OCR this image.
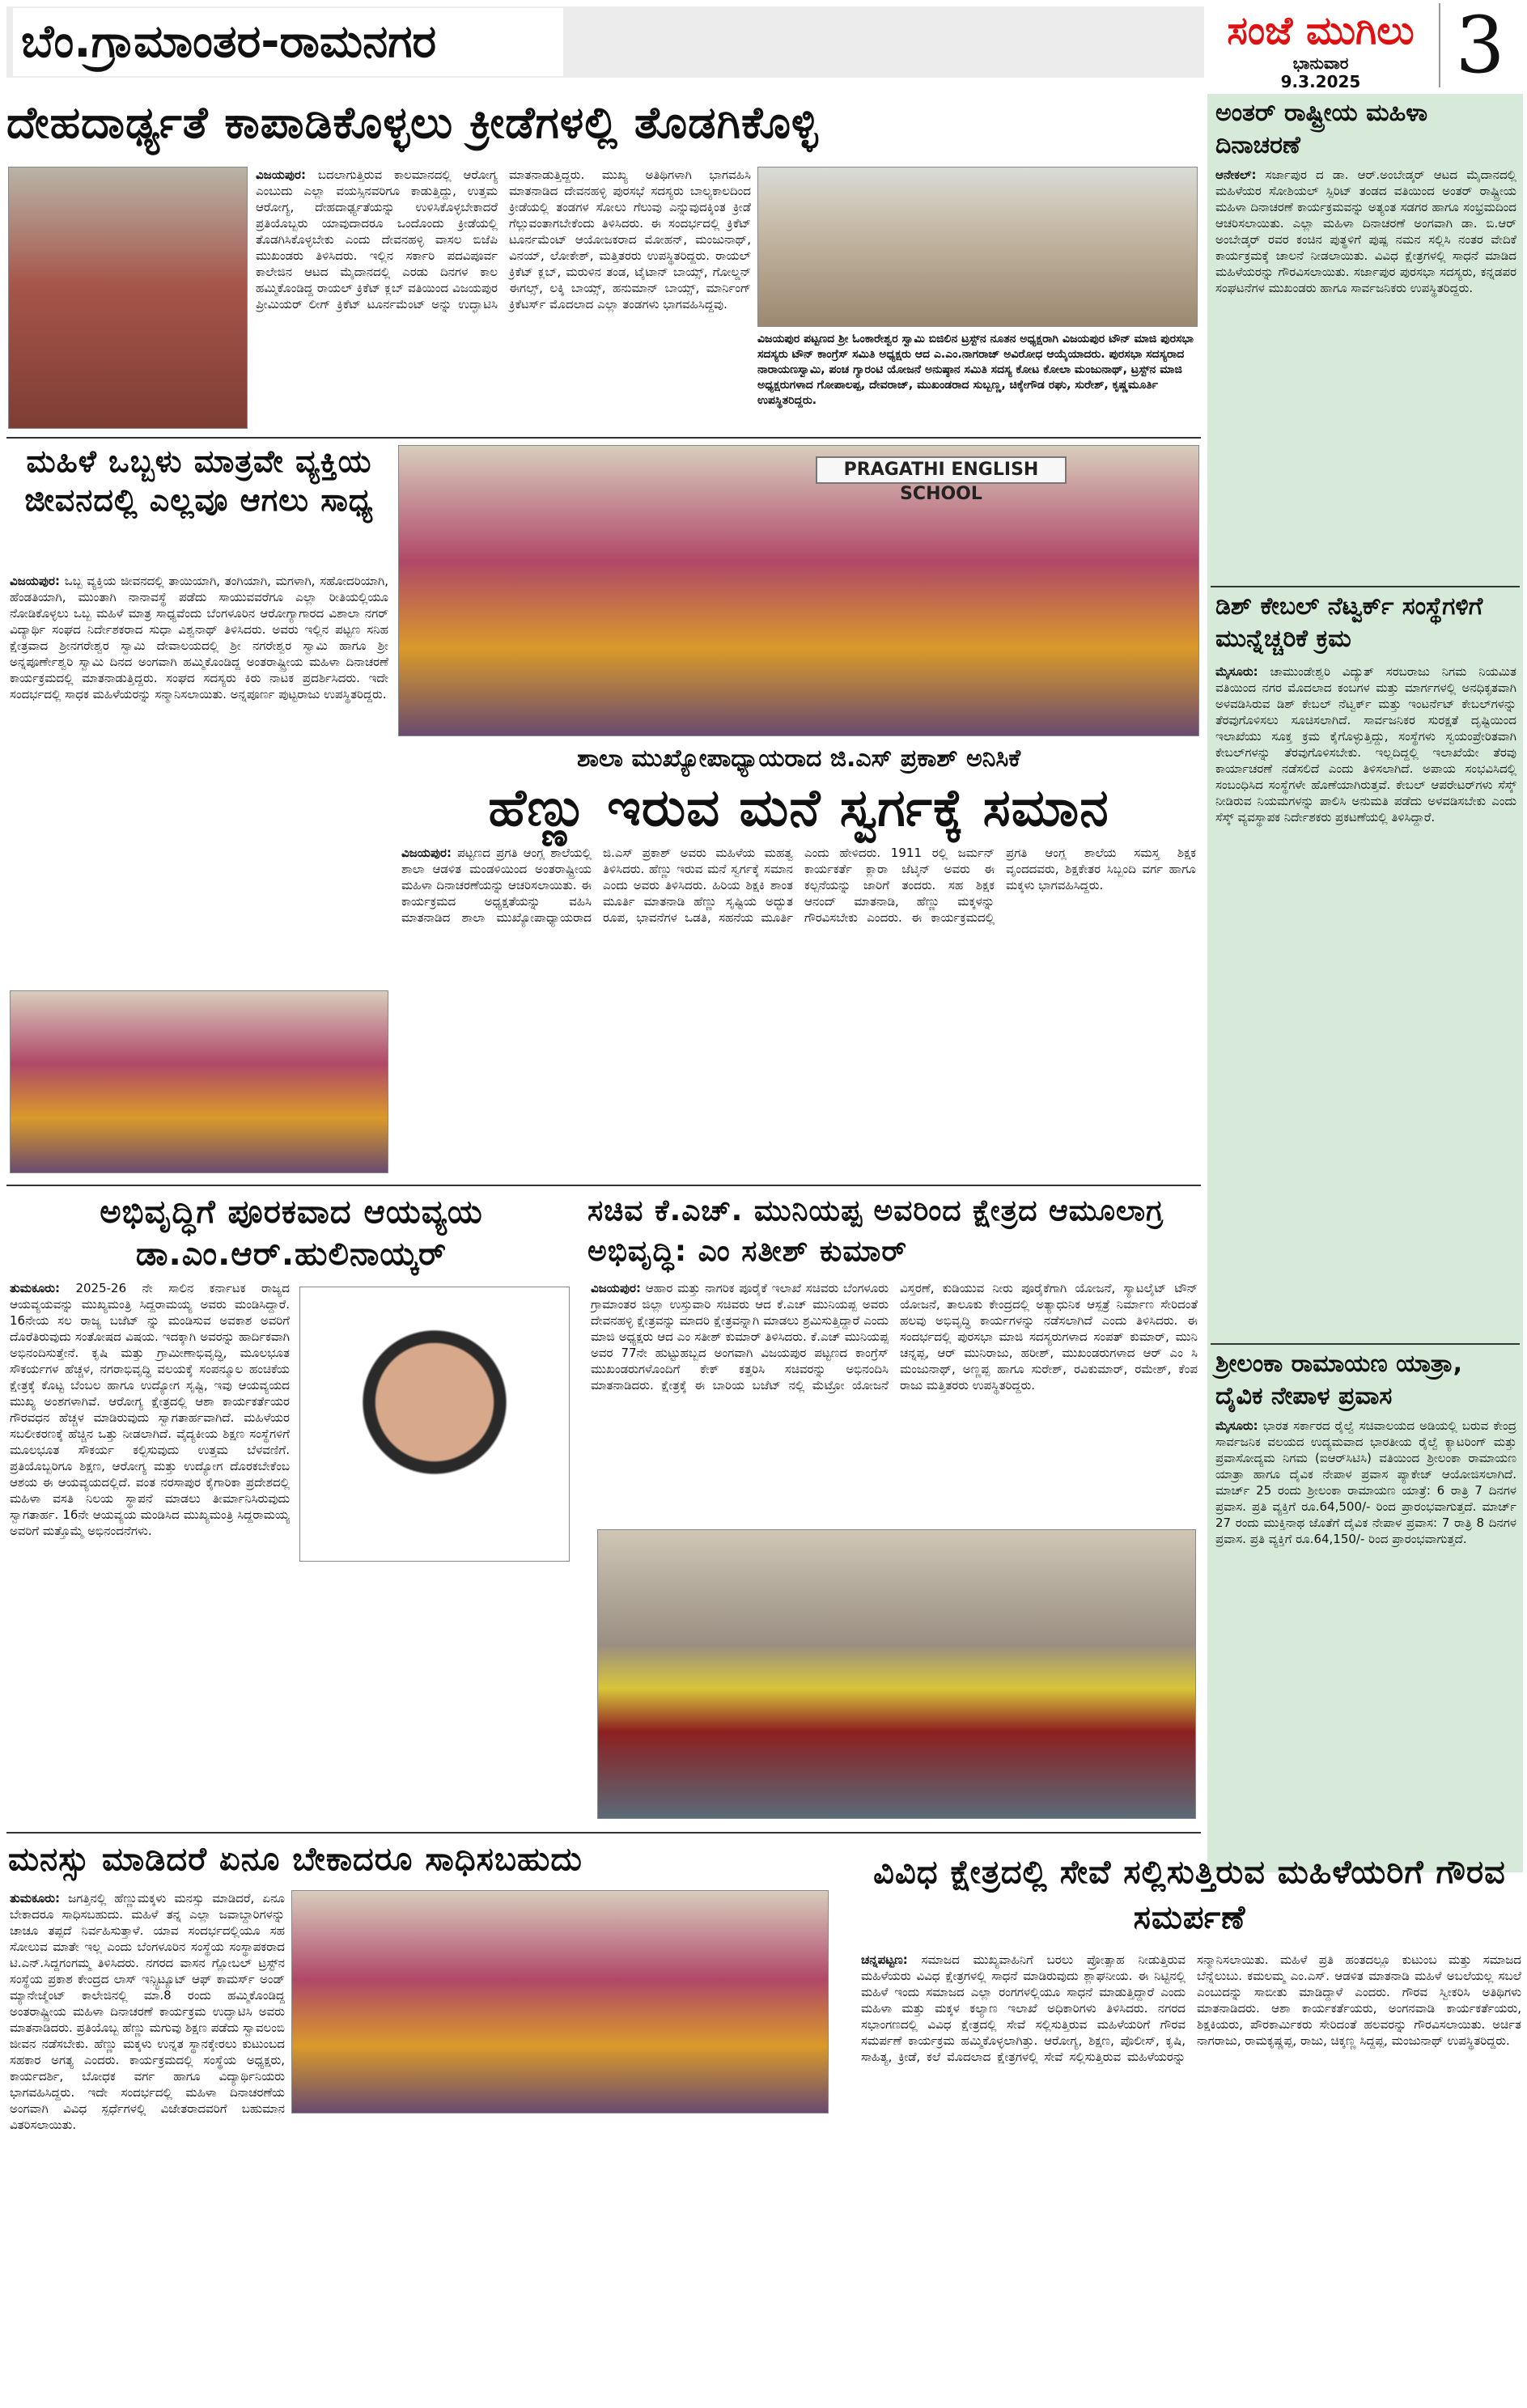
ಬೆಂ.ಗ್ರಾಮಾಂತರ-ರಾಮನಗರ	ಸಂಜೆ ಮುಗಿಲು
ಭಾನುವಾರ
9.3.2025	3
ಅಂತರ್ ರಾಷ್ಟ್ರೀಯ ಮಹಿಳಾ ದಿನಾಚರಣೆ
ಆನೇಕಲ್: ಸರ್ಜಾಪುರ ದ ಡಾ. ಆರ್.ಅಂಬೇಡ್ಕರ್ ಆಟದ ಮೈದಾನದಲ್ಲಿ ಮಹಿಳೆಯರ ಸೋಶಿಯಲ್ ಸ್ಪಿರಿಟ್ ತಂಡದ ವತಿಯಿಂದ ಅಂತರ್ ರಾಷ್ಟ್ರೀಯ ಮಹಿಳಾ ದಿನಾಚರಣೆ ಕಾರ್ಯಕ್ರಮವನ್ನು ಅತ್ಯಂತ ಸಡಗರ ಹಾಗೂ ಸಂಭ್ರಮದಿಂದ ಆಚರಿಸಲಾಯಿತು. ಎಲ್ಲಾ ಮಹಿಳಾ ದಿನಾಚರಣೆ ಅಂಗವಾಗಿ ಡಾ. ಬಿ.ಆರ್ ಅಂಬೇಡ್ಕರ್ ರವರ ಕಂಚಿನ ಪುತ್ಥಳಿಗೆ ಪುಷ್ಪ ನಮನ ಸಲ್ಲಿಸಿ ನಂತರ ವೇದಿಕೆ ಕಾರ್ಯಕ್ರಮಕ್ಕೆ ಚಾಲನೆ ನೀಡಲಾಯಿತು. ವಿವಿಧ ಕ್ಷೇತ್ರಗಳಲ್ಲಿ ಸಾಧನೆ ಮಾಡಿದ ಮಹಿಳೆಯರನ್ನು ಗೌರವಿಸಲಾಯಿತು. ಸರ್ಜಾಪುರ ಪುರಸಭಾ ಸದಸ್ಯರು, ಕನ್ನಡಪರ ಸಂಘಟನೆಗಳ ಮುಖಂಡರು ಹಾಗೂ ಸಾರ್ವಜನಿಕರು ಉಪಸ್ಥಿತರಿದ್ದರು.
ಡಿಶ್ ಕೇಬಲ್ ನೆಟ್ವರ್ಕ್ ಸಂಸ್ಥೆಗಳಿಗೆ ಮುನ್ನೆಚ್ಚರಿಕೆ ಕ್ರಮ
ಮೈಸೂರು: ಚಾಮುಂಡೇಶ್ವರಿ ವಿದ್ಯುತ್ ಸರಬರಾಜು ನಿಗಮ ನಿಯಮಿತ ವತಿಯಿಂದ ನಗರ ಮೊದಲಾದ ಕಂಬಗಳ ಮತ್ತು ಮಾರ್ಗಗಳಲ್ಲಿ ಅನಧಿಕೃತವಾಗಿ ಅಳವಡಿಸಿರುವ ಡಿಶ್ ಕೇಬಲ್ ನೆಟ್ವರ್ಕ್ ಮತ್ತು ಇಂಟರ್ನೆಟ್ ಕೇಬಲ್‌ಗಳನ್ನು ತೆರವುಗೊಳಿಸಲು ಸೂಚಿಸಲಾಗಿದೆ. ಸಾರ್ವಜನಿಕರ ಸುರಕ್ಷತೆ ದೃಷ್ಟಿಯಿಂದ ಇಲಾಖೆಯು ಸೂಕ್ತ ಕ್ರಮ ಕೈಗೊಳ್ಳುತ್ತಿದ್ದು, ಸಂಸ್ಥೆಗಳು ಸ್ವಯಂಪ್ರೇರಿತವಾಗಿ ಕೇಬಲ್‌ಗಳನ್ನು ತೆರವುಗೊಳಿಸಬೇಕು. ಇಲ್ಲದಿದ್ದಲ್ಲಿ ಇಲಾಖೆಯೇ ತೆರವು ಕಾರ್ಯಾಚರಣೆ ನಡೆಸಲಿದೆ ಎಂದು ತಿಳಿಸಲಾಗಿದೆ. ಅಪಾಯ ಸಂಭವಿಸಿದಲ್ಲಿ ಸಂಬಂಧಿಸಿದ ಸಂಸ್ಥೆಗಳೇ ಹೊಣೆಯಾಗಿರುತ್ತವೆ. ಕೇಬಲ್ ಆಪರೇಟರ್‌ಗಳು ಸೆಸ್ಕ್ ನೀಡಿರುವ ನಿಯಮಗಳನ್ನು ಪಾಲಿಸಿ ಅನುಮತಿ ಪಡೆದು ಅಳವಡಿಸಬೇಕು ಎಂದು ಸೆಸ್ಕ್ ವ್ಯವಸ್ಥಾಪಕ ನಿರ್ದೇಶಕರು ಪ್ರಕಟಣೆಯಲ್ಲಿ ತಿಳಿಸಿದ್ದಾರೆ.
ಶ್ರೀಲಂಕಾ ರಾಮಾಯಣ ಯಾತ್ರಾ, ದೈವಿಕ ನೇಪಾಳ ಪ್ರವಾಸ
ಮೈಸೂರು: ಭಾರತ ಸರ್ಕಾರದ ರೈಲ್ವೆ ಸಚಿವಾಲಯದ ಅಡಿಯಲ್ಲಿ ಬರುವ ಕೇಂದ್ರ ಸಾರ್ವಜನಿಕ ವಲಯದ ಉದ್ಯಮವಾದ ಭಾರತೀಯ ರೈಲ್ವೆ ಕ್ಯಾಟರಿಂಗ್ ಮತ್ತು ಪ್ರವಾಸೋದ್ಯಮ ನಿಗಮ (ಐಆರ್‌ಸಿಟಿಸಿ) ವತಿಯಿಂದ ಶ್ರೀಲಂಕಾ ರಾಮಾಯಣ ಯಾತ್ರಾ ಹಾಗೂ ದೈವಿಕ ನೇಪಾಳ ಪ್ರವಾಸ ಪ್ಯಾಕೇಜ್ ಆಯೋಜಿಸಲಾಗಿದೆ. ಮಾರ್ಚ್ 25 ರಂದು ಶ್ರೀಲಂಕಾ ರಾಮಾಯಣ ಯಾತ್ರೆ: 6 ರಾತ್ರಿ 7 ದಿನಗಳ ಪ್ರವಾಸ. ಪ್ರತಿ ವ್ಯಕ್ತಿಗೆ ರೂ.64,500/- ರಿಂದ ಪ್ರಾರಂಭವಾಗುತ್ತದೆ. ಮಾರ್ಚ್ 27 ರಂದು ಮುಕ್ತಿನಾಥ ಜೊತೆಗೆ ದೈವಿಕ ನೇಪಾಳ ಪ್ರವಾಸ: 7 ರಾತ್ರಿ 8 ದಿನಗಳ ಪ್ರವಾಸ. ಪ್ರತಿ ವ್ಯಕ್ತಿಗೆ ರೂ.64,150/- ರಿಂದ ಪ್ರಾರಂಭವಾಗುತ್ತದೆ.
ದೇಹದಾರ್ಢ್ಯತೆ ಕಾಪಾಡಿಕೊಳ್ಳಲು ಕ್ರೀಡೆಗಳಲ್ಲಿ ತೊಡಗಿಕೊಳ್ಳಿ
ವಿಜಯಪುರ: ಬದಲಾಗುತ್ತಿರುವ ಕಾಲಮಾನದಲ್ಲಿ ಆರೋಗ್ಯ ಎಂಬುದು ಎಲ್ಲಾ ವಯಸ್ಸಿನವರಿಗೂ ಕಾಡುತ್ತಿದ್ದು, ಉತ್ತಮ ಆರೋಗ್ಯ, ದೇಹದಾರ್ಢ್ಯತೆಯನ್ನು ಉಳಿಸಿಕೊಳ್ಳಬೇಕಾದರೆ ಪ್ರತಿಯೊಬ್ಬರು ಯಾವುದಾದರೂ ಒಂದೊಂದು ಕ್ರೀಡೆಯಲ್ಲಿ ತೊಡಗಿಸಿಕೊಳ್ಳಬೇಕು ಎಂದು ದೇವನಹಳ್ಳಿ ವಾಸಲ ಬಿಜೆಪಿ ಮುಖಂಡರು ತಿಳಿಸಿದರು. ಇಲ್ಲಿನ ಸರ್ಕಾರಿ ಪದವಿಪೂರ್ವ ಕಾಲೇಜಿನ ಆಟದ ಮೈದಾನದಲ್ಲಿ ಎರಡು ದಿನಗಳ ಕಾಲ ಹಮ್ಮಿಕೊಂಡಿದ್ದ ರಾಯಲ್ ಕ್ರಿಕೆಟ್ ಕ್ಲಬ್ ವತಿಯಿಂದ ವಿಜಯಪುರ ಪ್ರೀಮಿಯರ್ ಲೀಗ್ ಕ್ರಿಕೆಟ್ ಟೂರ್ನಮೆಂಟ್ ಅನ್ನು ಉದ್ಘಾಟಿಸಿ ಮಾತನಾಡುತ್ತಿದ್ದರು. ಮುಖ್ಯ ಅತಿಥಿಗಳಾಗಿ ಭಾಗವಹಿಸಿ ಮಾತನಾಡಿದ ದೇವನಹಳ್ಳಿ ಪುರಸಭೆ ಸದಸ್ಯರು ಬಾಲ್ಯಕಾಲದಿಂದ ಕ್ರೀಡೆಯಲ್ಲಿ ತಂಡಗಳ ಸೋಲು ಗೆಲುವು ಎನ್ನುವುದಕ್ಕಿಂತ ಕ್ರೀಡೆ ಗೆಲ್ಲುವಂತಾಗಬೇಕೆಂದು ತಿಳಿಸಿದರು. ಈ ಸಂದರ್ಭದಲ್ಲಿ ಕ್ರಿಕೆಟ್ ಟೂರ್ನಮೆಂಟ್ ಆಯೋಜಕರಾದ ಮೋಹನ್, ಮಂಜುನಾಥ್, ವಿನಯ್, ಲೋಕೇಶ್, ಮತ್ತಿತರರು ಉಪಸ್ಥಿತರಿದ್ದರು. ರಾಯಲ್ ಕ್ರಿಕೆಟ್ ಕ್ಲಬ್, ಮರುಳಿನ ತಂಡ, ಟೈಟಾನ್ ಬಾಯ್ಸ್, ಗೋಲ್ಡನ್ ಈಗಲ್ಸ್, ಲಕ್ಕಿ ಬಾಯ್ಸ್, ಹನುಮಾನ್ ಬಾಯ್ಸ್, ಮಾರ್ನಿಂಗ್ ಕ್ರಿಕೆಟರ್ಸ್ ಮೊದಲಾದ ಎಲ್ಲಾ ತಂಡಗಳು ಭಾಗವಹಿಸಿದ್ದವು.
ವಿಜಯಪುರ ಪಟ್ಟಣದ ಶ್ರೀ ಓಂಕಾರೇಶ್ವರ ಸ್ವಾಮಿ ಬಿಜಿಲಿನ ಟ್ರಸ್ಟ್‌ನ ನೂತನ ಅಧ್ಯಕ್ಷರಾಗಿ ವಿಜಯಪುರ ಟೌನ್ ಮಾಜಿ ಪುರಸಭಾ ಸದಸ್ಯರು ಟೌನ್ ಕಾಂಗ್ರೆಸ್ ಸಮಿತಿ ಅಧ್ಯಕ್ಷರು ಆದ ಎ.ಎಂ.ನಾಗರಾಜ್ ಅವಿರೋಧ ಆಯ್ಕೆಯಾದರು. ಪುರಸಭಾ ಸದಸ್ಯರಾದ ನಾರಾಯಣಸ್ವಾಮಿ, ಪಂಚ ಗ್ಯಾರಂಟಿ ಯೋಜನೆ ಅನುಷ್ಠಾನ ಸಮಿತಿ ಸದಸ್ಯ ಕೋಟ ಕೋಲಾ ಮಂಜುನಾಥ್, ಟ್ರಸ್ಟ್‌ನ ಮಾಜಿ ಅಧ್ಯಕ್ಷರುಗಳಾದ ಗೋಪಾಲಪ್ಪ, ದೇವರಾಜ್, ಮುಖಂಡರಾದ ಸುಬ್ಬಣ್ಣ, ಚಿಕ್ಕೇಗೌಡ ರಘು, ಸುರೇಶ್, ಕೃಷ್ಣಮೂರ್ತಿ ಉಪಸ್ಥಿತರಿದ್ದರು.
ಮಹಿಳೆ ಒಬ್ಬಳು ಮಾತ್ರವೇ ವ್ಯಕ್ತಿಯ ಜೀವನದಲ್ಲಿ ಎಲ್ಲವೂ ಆಗಲು ಸಾಧ್ಯ
ವಿಜಯಪುರ: ಒಬ್ಬ ವ್ಯಕ್ತಿಯ ಜೀವನದಲ್ಲಿ ತಾಯಿಯಾಗಿ, ತಂಗಿಯಾಗಿ, ಮಗಳಾಗಿ, ಸಹೋದರಿಯಾಗಿ, ಹೆಂಡತಿಯಾಗಿ, ಮುಂತಾಗಿ ನಾನಾವಸ್ಥೆ ಪಡೆದು ಸಾಯುವವರೆಗೂ ಎಲ್ಲಾ ರೀತಿಯಲ್ಲಿಯೂ ನೋಡಿಕೊಳ್ಳಲು ಒಬ್ಬ ಮಹಿಳೆ ಮಾತ್ರ ಸಾಧ್ಯವೆಂದು ಬೆಂಗಳೂರಿನ ಆರೋಗ್ಯಾಗಾರದ ವಿಶಾಲಾ ನಗರ್ ವಿದ್ಯಾರ್ಥಿ ಸಂಘದ ನಿರ್ದೇಶಕರಾದ ಸುಧಾ ವಿಶ್ವನಾಥ್ ತಿಳಿಸಿದರು. ಅವರು ಇಲ್ಲಿನ ಪಟ್ಟಣ ಸನಿಹ ಕ್ಷೇತ್ರವಾದ ಶ್ರೀನಗರೇಶ್ವರ ಸ್ವಾಮಿ ದೇವಾಲಯದಲ್ಲಿ ಶ್ರೀ ನಗರೇಶ್ವರ ಸ್ವಾಮಿ ಹಾಗೂ ಶ್ರೀ ಅನ್ನಪೂರ್ಣೇಶ್ವರಿ ಸ್ವಾಮಿ ದಿನದ ಅಂಗವಾಗಿ ಹಮ್ಮಿಕೊಂಡಿದ್ದ ಅಂತರಾಷ್ಟ್ರೀಯ ಮಹಿಳಾ ದಿನಾಚರಣೆ ಕಾರ್ಯಕ್ರಮದಲ್ಲಿ ಮಾತನಾಡುತ್ತಿದ್ದರು. ಸಂಘದ ಸದಸ್ಯರು ಕಿರು ನಾಟಕ ಪ್ರದರ್ಶಿಸಿದರು. ಇದೇ ಸಂದರ್ಭದಲ್ಲಿ ಸಾಧಕ ಮಹಿಳೆಯರನ್ನು ಸನ್ಮಾನಿಸಲಾಯಿತು. ಅನ್ನಪೂರ್ಣ ಪುಟ್ಟರಾಜು ಉಪಸ್ಥಿತರಿದ್ದರು.
PRAGATHI ENGLISH SCHOOL
ಶಾಲಾ ಮುಖ್ಯೋಪಾಧ್ಯಾಯರಾದ ಜಿ.ಎಸ್ ಪ್ರಕಾಶ್ ಅನಿಸಿಕೆ
ಹೆಣ್ಣು ಇರುವ ಮನೆ ಸ್ವರ್ಗಕ್ಕೆ ಸಮಾನ
ವಿಜಯಪುರ: ಪಟ್ಟಣದ ಪ್ರಗತಿ ಆಂಗ್ಲ ಶಾಲೆಯಲ್ಲಿ ಶಾಲಾ ಆಡಳಿತ ಮಂಡಳಿಯಿಂದ ಅಂತರಾಷ್ಟ್ರೀಯ ಮಹಿಳಾ ದಿನಾಚರಣೆಯನ್ನು ಆಚರಿಸಲಾಯಿತು. ಈ ಕಾರ್ಯಕ್ರಮದ ಅಧ್ಯಕ್ಷತೆಯನ್ನು ವಹಿಸಿ ಮಾತನಾಡಿದ ಶಾಲಾ ಮುಖ್ಯೋಪಾಧ್ಯಾಯರಾದ ಜಿ.ಎಸ್ ಪ್ರಕಾಶ್ ಅವರು ಮಹಿಳೆಯ ಮಹತ್ವ ತಿಳಿಸಿದರು. ಹೆಣ್ಣು ಇರುವ ಮನೆ ಸ್ವರ್ಗಕ್ಕೆ ಸಮಾನ ಎಂದು ಅವರು ತಿಳಿಸಿದರು. ಹಿರಿಯ ಶಿಕ್ಷಕಿ ಶಾಂತ ಮೂರ್ತಿ ಮಾತನಾಡಿ ಹೆಣ್ಣು ಸೃಷ್ಟಿಯ ಅದ್ಭುತ ರೂಪ, ಭಾವನೆಗಳ ಒಡತಿ, ಸಹನೆಯ ಮೂರ್ತಿ ಎಂದು ಹೇಳಿದರು. 1911 ರಲ್ಲಿ ಜರ್ಮನ್ ಕಾರ್ಯಕರ್ತೆ ಕ್ಲಾರಾ ಜೆಟ್ಕಿನ್ ಅವರು ಈ ಕಲ್ಪನೆಯನ್ನು ಜಾರಿಗೆ ತಂದರು. ಸಹ ಶಿಕ್ಷಕ ಆನಂದ್ ಮಾತನಾಡಿ, ಹೆಣ್ಣು ಮಕ್ಕಳನ್ನು ಗೌರವಿಸಬೇಕು ಎಂದರು. ಈ ಕಾರ್ಯಕ್ರಮದಲ್ಲಿ ಪ್ರಗತಿ ಆಂಗ್ಲ ಶಾಲೆಯ ಸಮಸ್ತ ಶಿಕ್ಷಕ ವೃಂದದವರು, ಶಿಕ್ಷಕೇತರ ಸಿಬ್ಬಂದಿ ವರ್ಗ ಹಾಗೂ ಮಕ್ಕಳು ಭಾಗವಹಿಸಿದ್ದರು.
ಅಭಿವೃದ್ಧಿಗೆ ಪೂರಕವಾದ ಆಯವ್ಯಯ ಡಾ.ಎಂ.ಆರ್.ಹುಲಿನಾಯ್ಕರ್
ತುಮಕೂರು: 2025-26 ನೇ ಸಾಲಿನ ಕರ್ನಾಟಕ ರಾಜ್ಯದ ಆಯವ್ಯಯವನ್ನು ಮುಖ್ಯಮಂತ್ರಿ ಸಿದ್ದರಾಮಯ್ಯ ಅವರು ಮಂಡಿಸಿದ್ದಾರೆ. 16ನೇಯ ಸಲ ರಾಜ್ಯ ಬಜೆಟ್ ನ್ನು ಮಂಡಿಸುವ ಅವಕಾಶ ಅವರಿಗೆ ದೊರೆತಿರುವುದು ಸಂತೋಷದ ವಿಷಯ. ಇದಕ್ಕಾಗಿ ಅವರನ್ನು ಹಾರ್ದಿಕವಾಗಿ ಅಭಿನಂದಿಸುತ್ತೇನೆ. ಕೃಷಿ ಮತ್ತು ಗ್ರಾಮೀಣಾಭಿವೃದ್ಧಿ, ಮೂಲಭೂತ ಸೌಕರ್ಯಗಳ ಹೆಚ್ಚಳ, ನಗರಾಭಿವೃದ್ಧಿ ವಲಯಕ್ಕೆ ಸಂಪನ್ಮೂಲ ಹಂಚಿಕೆಯ ಕ್ಷೇತ್ರಕ್ಕೆ ಕೊಟ್ಟ ಬೆಂಬಲ ಹಾಗೂ ಉದ್ಯೋಗ ಸೃಷ್ಟಿ, ಇವು ಆಯವ್ಯಯದ ಮುಖ್ಯ ಅಂಶಗಳಾಗಿವೆ. ಆರೋಗ್ಯ ಕ್ಷೇತ್ರದಲ್ಲಿ ಆಶಾ ಕಾರ್ಯಕರ್ತೆಯರ ಗೌರವಧನ ಹೆಚ್ಚಳ ಮಾಡಿರುವುದು ಸ್ವಾಗತಾರ್ಹವಾಗಿದೆ. ಮಹಿಳೆಯರ ಸಬಲೀಕರಣಕ್ಕೆ ಹೆಚ್ಚಿನ ಒತ್ತು ನೀಡಲಾಗಿದೆ. ವೈದ್ಯಕೀಯ ಶಿಕ್ಷಣ ಸಂಸ್ಥೆಗಳಿಗೆ ಮೂಲಭೂತ ಸೌಕರ್ಯ ಕಲ್ಪಿಸುವುದು ಉತ್ತಮ ಬೆಳವಣಿಗೆ. ಪ್ರತಿಯೊಬ್ಬರಿಗೂ ಶಿಕ್ಷಣ, ಆರೋಗ್ಯ ಮತ್ತು ಉದ್ಯೋಗ ದೊರಕಬೇಕೆಂಬ ಆಶಯ ಈ ಆಯವ್ಯಯದಲ್ಲಿದೆ. ವಂತ ನರಸಾಪುರ ಕೈಗಾರಿಕಾ ಪ್ರದೇಶದಲ್ಲಿ ಮಹಿಳಾ ವಸತಿ ನಿಲಯ ಸ್ಥಾಪನೆ ಮಾಡಲು ತೀರ್ಮಾನಿಸಿರುವುದು ಸ್ವಾಗತಾರ್ಹ. 16ನೇ ಆಯವ್ಯಯ ಮಂಡಿಸಿದ ಮುಖ್ಯಮಂತ್ರಿ ಸಿದ್ದರಾಮಯ್ಯ ಅವರಿಗೆ ಮತ್ತೊಮ್ಮೆ ಅಭಿನಂದನೆಗಳು.
ಸಚಿವ ಕೆ.ಎಚ್. ಮುನಿಯಪ್ಪ ಅವರಿಂದ ಕ್ಷೇತ್ರದ ಆಮೂಲಾಗ್ರ ಅಭಿವೃದ್ಧಿ: ಎಂ ಸತೀಶ್ ಕುಮಾರ್
ವಿಜಯಪುರ: ಆಹಾರ ಮತ್ತು ನಾಗರಿಕ ಪೂರೈಕೆ ಇಲಾಖೆ ಸಚಿವರು ಬೆಂಗಳೂರು ಗ್ರಾಮಾಂತರ ಜಿಲ್ಲಾ ಉಸ್ತುವಾರಿ ಸಚಿವರು ಆದ ಕೆ.ಎಚ್ ಮುನಿಯಪ್ಪ ಅವರು ದೇವನಹಳ್ಳಿ ಕ್ಷೇತ್ರವನ್ನು ಮಾದರಿ ಕ್ಷೇತ್ರವನ್ನಾಗಿ ಮಾಡಲು ಶ್ರಮಿಸುತ್ತಿದ್ದಾರೆ ಎಂದು ಮಾಜಿ ಅಧ್ಯಕ್ಷರು ಆದ ಎಂ ಸತೀಶ್ ಕುಮಾರ್ ತಿಳಿಸಿದರು. ಕೆ.ಎಚ್ ಮುನಿಯಪ್ಪ ಅವರ 77ನೇ ಹುಟ್ಟುಹಬ್ಬದ ಅಂಗವಾಗಿ ವಿಜಯಪುರ ಪಟ್ಟಣದ ಕಾಂಗ್ರೆಸ್ ಮುಖಂಡರುಗಳೊಂದಿಗೆ ಕೇಕ್ ಕತ್ತರಿಸಿ ಸಚಿವರನ್ನು ಅಭಿನಂದಿಸಿ ಮಾತನಾಡಿದರು. ಕ್ಷೇತ್ರಕ್ಕೆ ಈ ಬಾರಿಯ ಬಜೆಟ್ ನಲ್ಲಿ ಮೆಟ್ರೋ ಯೋಜನೆ ವಿಸ್ತರಣೆ, ಕುಡಿಯುವ ನೀರು ಪೂರೈಕೆಗಾಗಿ ಯೋಜನೆ, ಸ್ಯಾಟಲೈಟ್ ಟೌನ್ ಯೋಜನೆ, ತಾಲೂಕು ಕೇಂದ್ರದಲ್ಲಿ ಅತ್ಯಾಧುನಿಕ ಆಸ್ಪತ್ರೆ ನಿರ್ಮಾಣ ಸೇರಿದಂತೆ ಹಲವು ಅಭಿವೃದ್ಧಿ ಕಾರ್ಯಗಳನ್ನು ನಡೆಸಲಾಗಿದೆ ಎಂದು ತಿಳಿಸಿದರು. ಈ ಸಂದರ್ಭದಲ್ಲಿ ಪುರಸಭಾ ಮಾಜಿ ಸದಸ್ಯರುಗಳಾದ ಸಂಪತ್ ಕುಮಾರ್, ಮುನಿ ಚನ್ನಪ್ಪ, ಆರ್ ಮುನಿರಾಜು, ಹರೀಶ್, ಮುಖಂಡರುಗಳಾದ ಆರ್ ಎಂ ಸಿ ಮಂಜುನಾಥ್, ಅಣ್ಣಪ್ಪ ಹಾಗೂ ಸುರೇಶ್, ರವಿಕುಮಾರ್, ರಮೇಶ್, ಕೆಂಪ ರಾಜು ಮತ್ತಿತರರು ಉಪಸ್ಥಿತರಿದ್ದರು.
ಮನಸ್ಸು ಮಾಡಿದರೆ ಏನೂ ಬೇಕಾದರೂ ಸಾಧಿಸಬಹುದು
ತುಮಕೂರು: ಜಗತ್ತಿನಲ್ಲಿ ಹೆಣ್ಣುಮಕ್ಕಳು ಮನಸ್ಸು ಮಾಡಿದರೆ, ಏನೂ ಬೇಕಾದರೂ ಸಾಧಿಸಬಹುದು. ಮಹಿಳೆ ತನ್ನ ಎಲ್ಲಾ ಜವಾಬ್ದಾರಿಗಳನ್ನು ಚಾಚೂ ತಪ್ಪದೆ ನಿರ್ವಹಿಸುತ್ತಾಳೆ. ಯಾವ ಸಂದರ್ಭದಲ್ಲಿಯೂ ಸಹ ಸೋಲುವ ಮಾತೇ ಇಲ್ಲ ಎಂದು ಬೆಂಗಳೂರಿನ ಸಂಸ್ಥೆಯ ಸಂಸ್ಥಾಪಕರಾದ ಟಿ.ಎನ್.ಸಿದ್ದಗಂಗಮ್ಮ ತಿಳಿಸಿದರು. ನಗರದ ವಾಸನ ಗ್ಲೋಬಲ್ ಟ್ರಸ್ಟ್‌ನ ಸಂಸ್ಥೆಯ ಪ್ರಕಾಶ ಕೇಂದ್ರದ ಲಾಸ್ ಇನ್ಸ್ಟಿಟ್ಯೂಟ್ ಆಫ್ ಕಾಮರ್ಸ್ ಅಂಡ್ ಮ್ಯಾನೇಜ್ಮೆಂಟ್ ಕಾಲೇಜಿನಲ್ಲಿ ಮಾ.8 ರಂದು ಹಮ್ಮಿಕೊಂಡಿದ್ದ ಅಂತರಾಷ್ಟ್ರೀಯ ಮಹಿಳಾ ದಿನಾಚರಣೆ ಕಾರ್ಯಕ್ರಮ ಉದ್ಘಾಟಿಸಿ ಅವರು ಮಾತನಾಡಿದರು. ಪ್ರತಿಯೊಬ್ಬ ಹೆಣ್ಣು ಮಗುವು ಶಿಕ್ಷಣ ಪಡೆದು ಸ್ವಾವಲಂಬಿ ಜೀವನ ನಡೆಸಬೇಕು. ಹೆಣ್ಣು ಮಕ್ಕಳು ಉನ್ನತ ಸ್ಥಾನಕ್ಕೇರಲು ಕುಟುಂಬದ ಸಹಕಾರ ಅಗತ್ಯ ಎಂದರು. ಕಾರ್ಯಕ್ರಮದಲ್ಲಿ ಸಂಸ್ಥೆಯ ಅಧ್ಯಕ್ಷರು, ಕಾರ್ಯದರ್ಶಿ, ಬೋಧಕ ವರ್ಗ ಹಾಗೂ ವಿದ್ಯಾರ್ಥಿನಿಯರು ಭಾಗವಹಿಸಿದ್ದರು. ಇದೇ ಸಂದರ್ಭದಲ್ಲಿ ಮಹಿಳಾ ದಿನಾಚರಣೆಯ ಅಂಗವಾಗಿ ವಿವಿಧ ಸ್ಪರ್ಧೆಗಳಲ್ಲಿ ವಿಜೇತರಾದವರಿಗೆ ಬಹುಮಾನ ವಿತರಿಸಲಾಯಿತು.
ವಿವಿಧ ಕ್ಷೇತ್ರದಲ್ಲಿ ಸೇವೆ ಸಲ್ಲಿಸುತ್ತಿರುವ ಮಹಿಳೆಯರಿಗೆ ಗೌರವ ಸಮರ್ಪಣೆ
ಚನ್ನಪಟ್ಟಣ: ಸಮಾಜದ ಮುಖ್ಯವಾಹಿನಿಗೆ ಬರಲು ಪ್ರೋತ್ಸಾಹ ನೀಡುತ್ತಿರುವ ಮಹಿಳೆಯರು ವಿವಿಧ ಕ್ಷೇತ್ರಗಳಲ್ಲಿ ಸಾಧನೆ ಮಾಡಿರುವುದು ಶ್ಲಾಘನೀಯ. ಈ ನಿಟ್ಟಿನಲ್ಲಿ ಮಹಿಳೆ ಇಂದು ಸಮಾಜದ ಎಲ್ಲಾ ರಂಗಗಳಲ್ಲಿಯೂ ಸಾಧನೆ ಮಾಡುತ್ತಿದ್ದಾರೆ ಎಂದು ಮಹಿಳಾ ಮತ್ತು ಮಕ್ಕಳ ಕಲ್ಯಾಣ ಇಲಾಖೆ ಅಧಿಕಾರಿಗಳು ತಿಳಿಸಿದರು. ನಗರದ ಸಭಾಂಗಣದಲ್ಲಿ ವಿವಿಧ ಕ್ಷೇತ್ರದಲ್ಲಿ ಸೇವೆ ಸಲ್ಲಿಸುತ್ತಿರುವ ಮಹಿಳೆಯರಿಗೆ ಗೌರವ ಸಮರ್ಪಣೆ ಕಾರ್ಯಕ್ರಮ ಹಮ್ಮಿಕೊಳ್ಳಲಾಗಿತ್ತು. ಆರೋಗ್ಯ, ಶಿಕ್ಷಣ, ಪೊಲೀಸ್, ಕೃಷಿ, ಸಾಹಿತ್ಯ, ಕ್ರೀಡೆ, ಕಲೆ ಮೊದಲಾದ ಕ್ಷೇತ್ರಗಳಲ್ಲಿ ಸೇವೆ ಸಲ್ಲಿಸುತ್ತಿರುವ ಮಹಿಳೆಯರನ್ನು ಸನ್ಮಾನಿಸಲಾಯಿತು. ಮಹಿಳೆ ಪ್ರತಿ ಹಂತದಲ್ಲೂ ಕುಟುಂಬ ಮತ್ತು ಸಮಾಜದ ಬೆನ್ನೆಲುಬು. ಕಮಲಮ್ಮ ಎಂ.ಎಸ್. ಆಡಳಿತ ಮಾತನಾಡಿ ಮಹಿಳೆ ಅಬಲೆಯಲ್ಲ ಸಬಲೆ ಎಂಬುದನ್ನು ಸಾಬೀತು ಮಾಡಿದ್ದಾಳೆ ಎಂದರು. ಗೌರವ ಸ್ವೀಕರಿಸಿ ಅತಿಥಿಗಳು ಮಾತನಾಡಿದರು. ಆಶಾ ಕಾರ್ಯಕರ್ತೆಯರು, ಅಂಗನವಾಡಿ ಕಾರ್ಯಕರ್ತೆಯರು, ಶಿಕ್ಷಕಿಯರು, ಪೌರಕಾರ್ಮಿಕರು ಸೇರಿದಂತೆ ಹಲವರನ್ನು ಗೌರವಿಸಲಾಯಿತು. ಅರ್ಚಿತ ನಾಗರಾಜು, ರಾಮಕೃಷ್ಣಪ್ಪ, ರಾಜು, ಚಿಕ್ಕಣ್ಣ ಸಿದ್ದಪ್ಪ, ಮಂಜುನಾಥ್ ಉಪಸ್ಥಿತರಿದ್ದರು.
